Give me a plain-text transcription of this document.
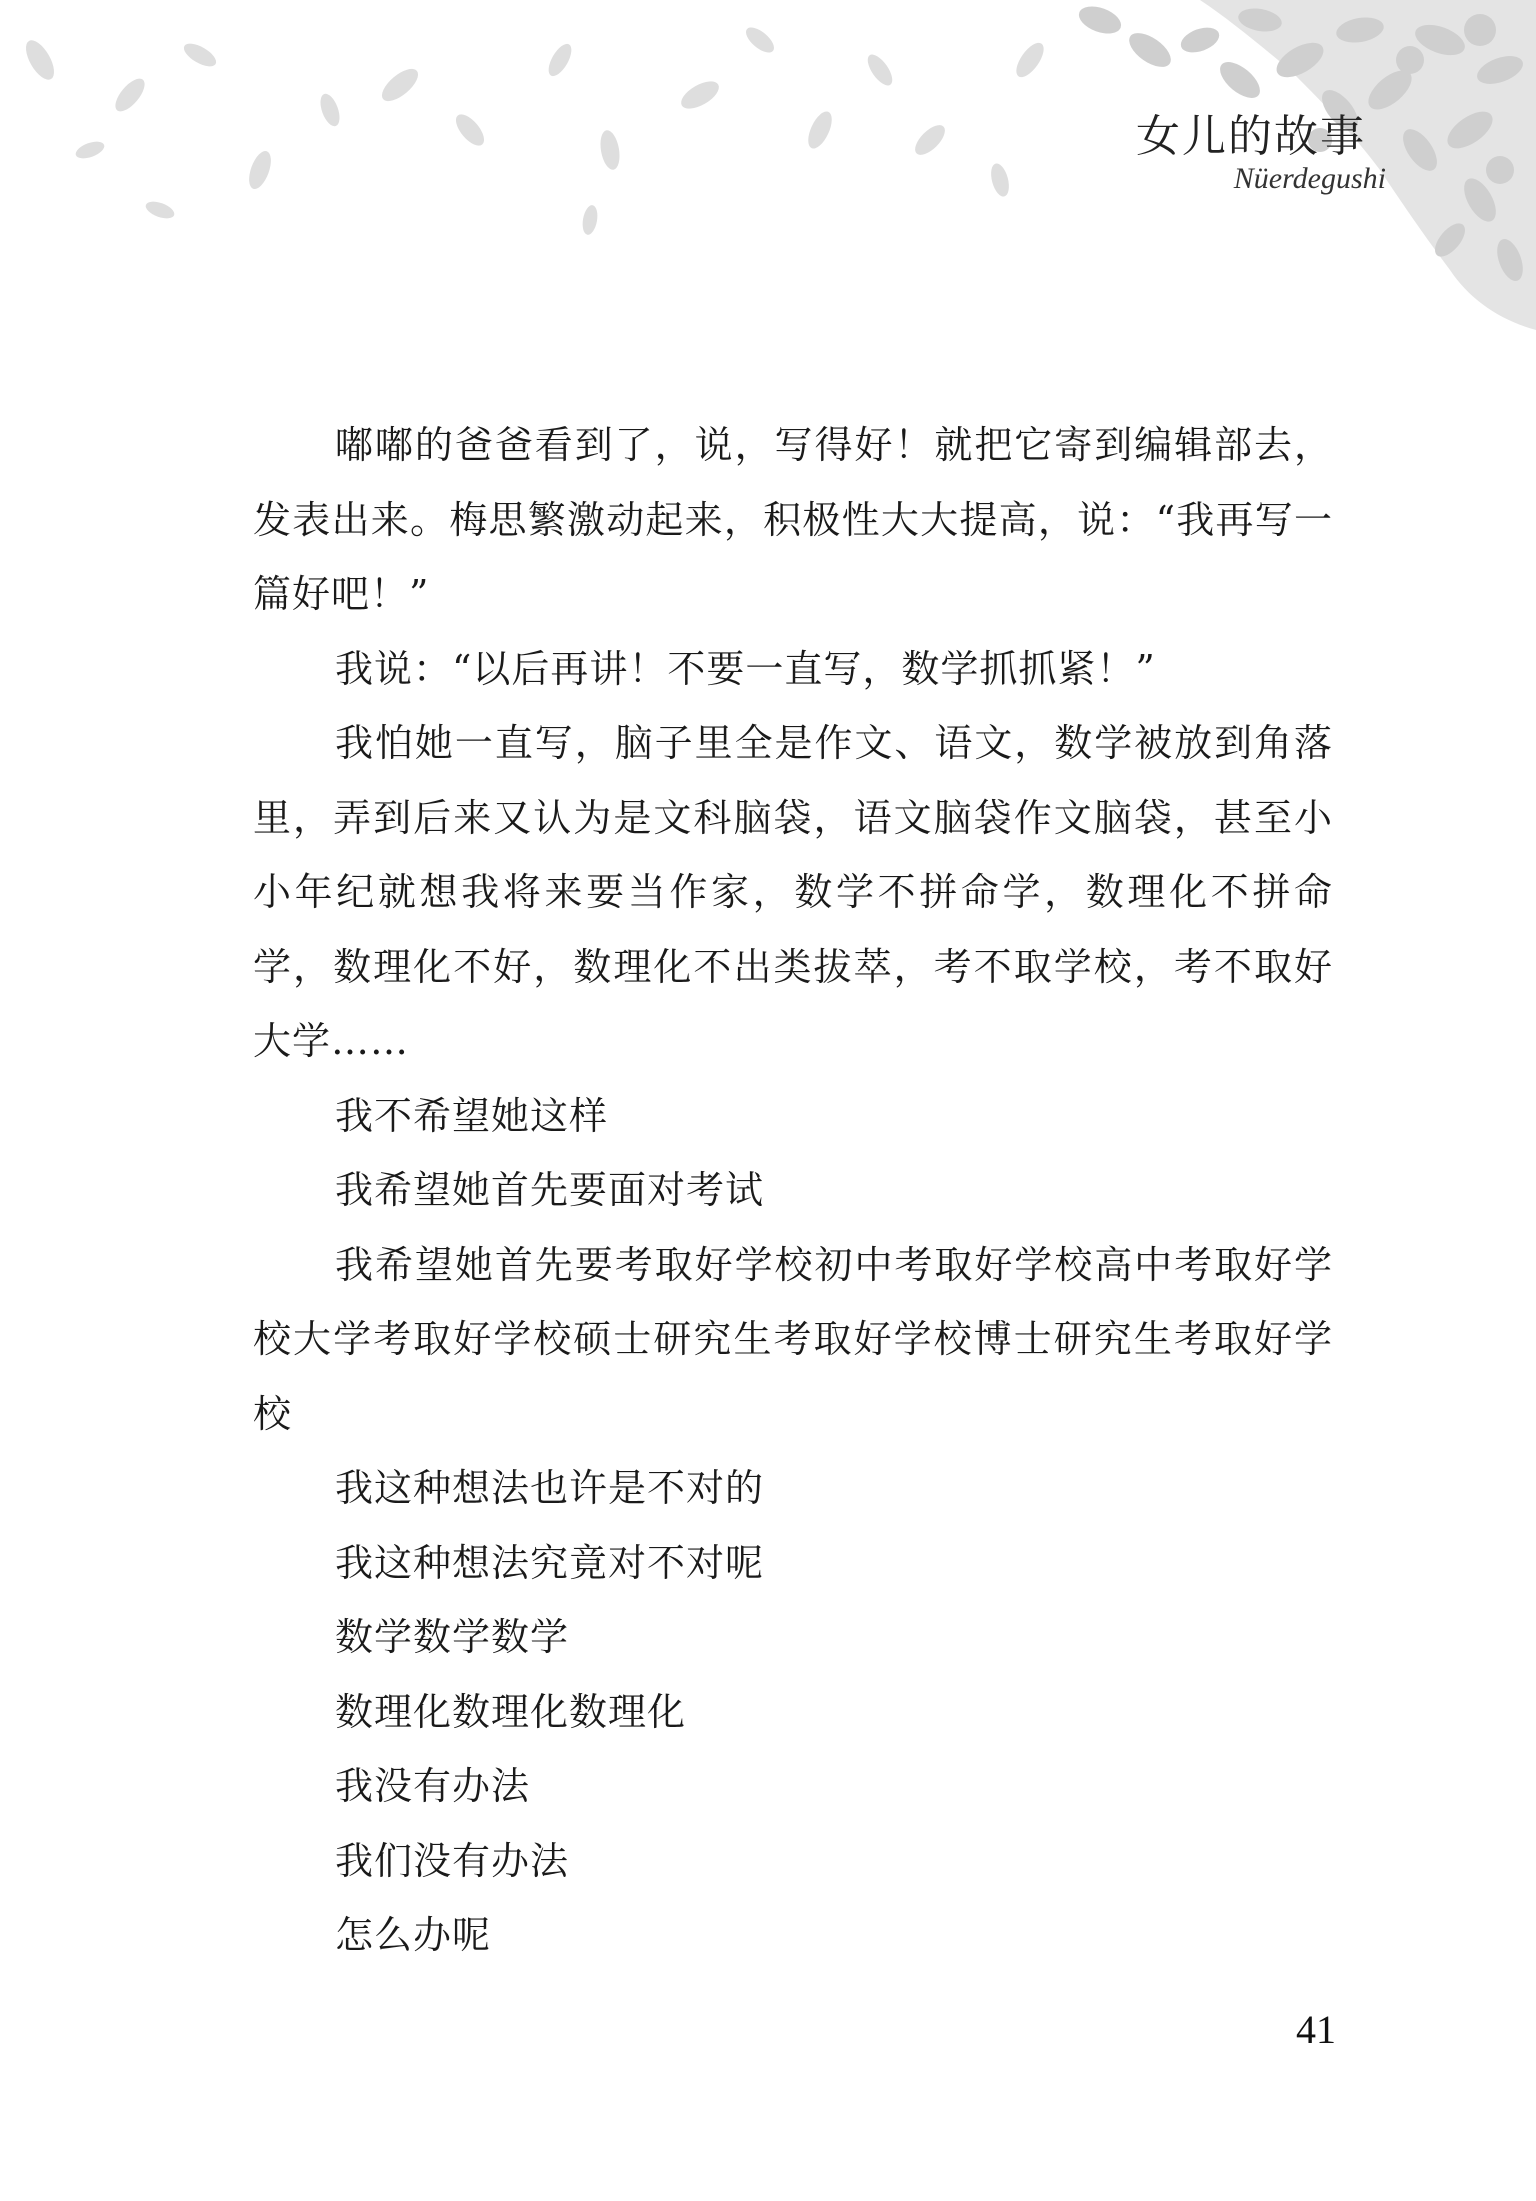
女儿的故事
Nüerdegushi

嘟嘟的爸爸看到了，说，写得好！就把它寄到编辑部去，发表出来。梅思繁激动起来，积极性大大提高，说：“我再写一篇好吧！”

我说：“以后再讲！不要一直写，数学抓抓紧！”

我怕她一直写，脑子里全是作文、语文，数学被放到角落里，弄到后来又认为是文科脑袋，语文脑袋作文脑袋，甚至小小年纪就想我将来要当作家，数学不拼命学，数理化不拼命学，数理化不好，数理化不出类拔萃，考不取学校，考不取好大学……

我不希望她这样

我希望她首先要面对考试

我希望她首先要考取好学校初中考取好学校高中考取好学校大学考取好学校硕士研究生考取好学校博士研究生考取好学校

我这种想法也许是不对的

我这种想法究竟对不对呢

数学数学数学

数理化数理化数理化

我没有办法

我们没有办法

怎么办呢

41
